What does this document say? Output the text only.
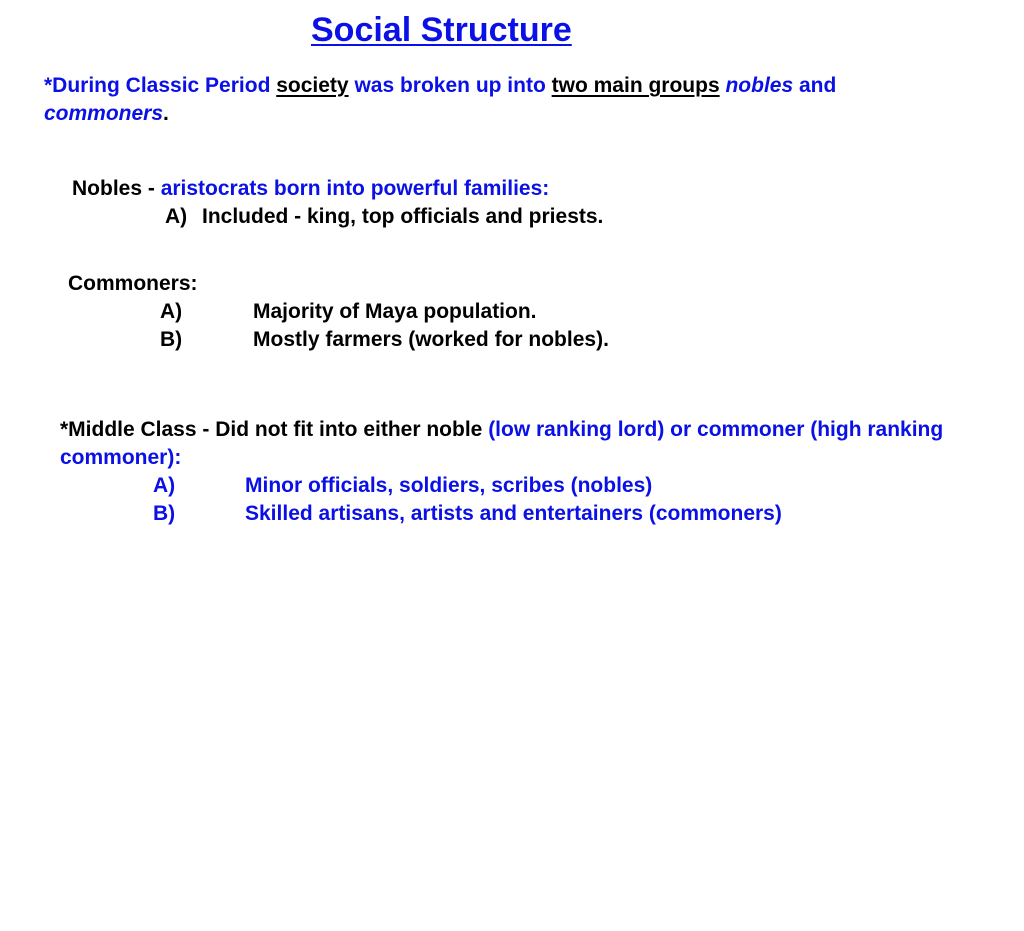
Social Structure
*During Classic Period society was broken up into two main groups nobles and commoners.
Nobles - aristocrats born into powerful families:
A) Included - king, top officials and priests.
Commoners:
A)	Majority of Maya population.
B)	Mostly farmers (worked for nobles).
*Middle Class - Did not fit into either noble (low ranking lord) or commoner (high ranking commoner):
A)	Minor officials, soldiers, scribes (nobles)
B)	Skilled artisans, artists and entertainers (commoners)
